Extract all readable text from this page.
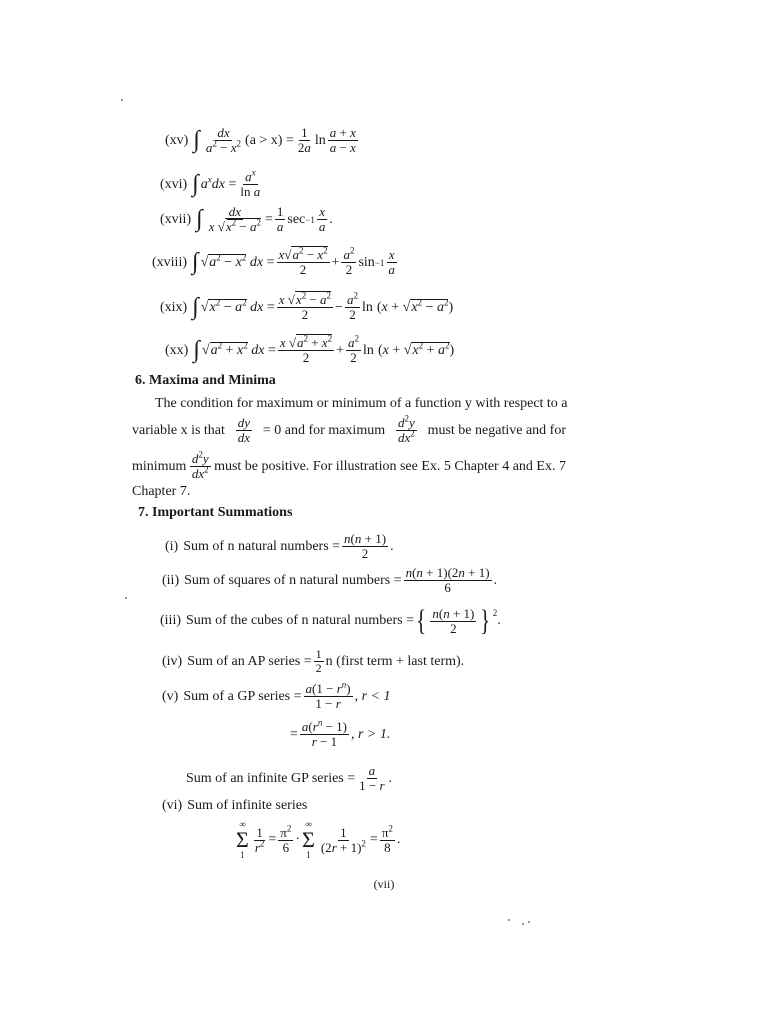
(xv) ∫ $\frac{dx}{a^2 - x^2} (a > x) = \frac{1}{2a}$ $\ln \frac{a + x}{a - x}$
(xvi) ∫ $a^xdx = \frac{a^x}{\text{ln a}}$
(xvii) ∫ $\frac{dx}{x √x^2 - a^2} = \frac{1}{a}$ $\sec -1 \frac{x}{a}$ .
(xviii) ∫ $√a^2 - x^2$ dx = $\frac{x√a^2 - x^2}{2} + \frac{a^2}{2}$ $\sin -1 \frac{x}{a}$
(xix) ∫ $√x^2 - a^2$ dx = $\frac{x √x^2 - a^2}{2} - \frac{a^2}{2}$ $\ln (x + √x^2 - a^2)$
(xx) ∫ $√a^2 + x^2$ dx = $\frac{x √a^2 + x^2}{2} + \frac{a^2}{2}$ $\ln (x + √x^2 + a^2)$
6. Maxima and Minima
The condition for maximum or minimum of a function y with respect to a
variable x is that $\frac{dy}{dx} = 0$ and for maximum $\frac{d^2y}{dx^2}$ must be negative and for
minimum $\frac{d^2y}{dx^2}$ must be positive. For illustration see Ex. 5 Chapter 4 and Ex. 7
Chapter 7.
7. Important Summations
(i) Sum of n natural numbers = $\frac{n(n + 1)}{2}$ .
(ii) Sum of squares of n natural numbers = $\frac{n(n + 1)(2n + 1)}{6}$ .
(iii) Sum of the cubes of n natural numbers = { $\frac{n(n + 1)}{2} \}^2$ .
(iv) Sum of an AP series = $\frac{1}{2}$ n (first term + last term).
(v) Sum of a GP series = $\frac{a(1 - r^n)}{1 - r}$ , r < 1
= $\frac{a(r^n - 1)}{r - 1}$ , r > 1.
Sum of an infinite GP series = $\frac{a}{1 - r}$ .
(vi) Sum of infinite series
∞
Σ
1
$\frac{1}{r^2} = \frac{\pi^2}{6}$ ·
∞
Σ
1
$\frac{1}{(2r + 1)^2} = \frac{\pi^2}{8}$ .
(vii)
